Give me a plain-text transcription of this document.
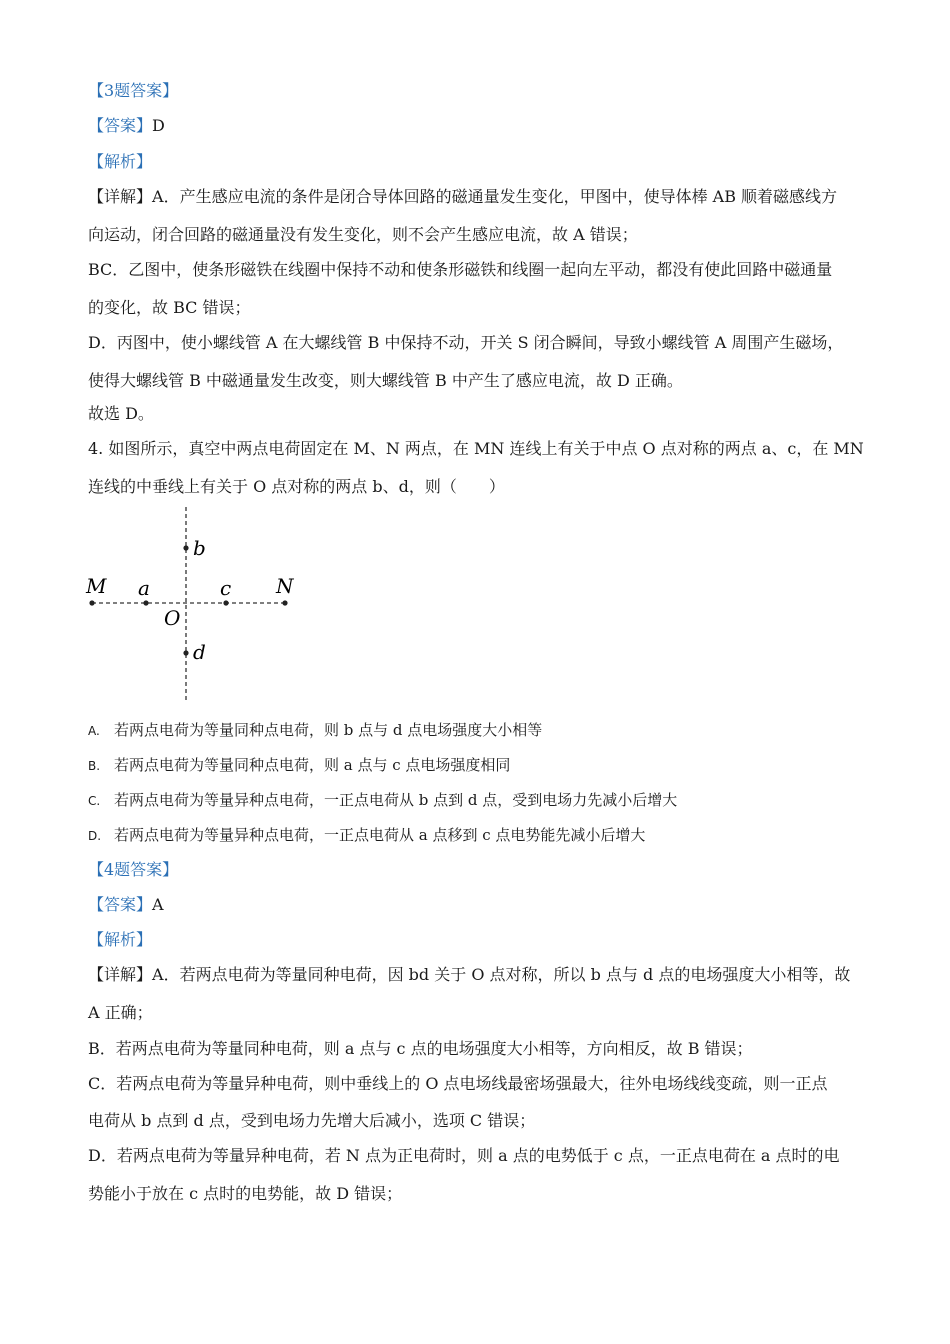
【3题答案】
【答案】D
【解析】
【详解】A．产生感应电流的条件是闭合导体回路的磁通量发生变化，甲图中，使导体棒 AB 顺着磁感线方
向运动，闭合回路的磁通量没有发生变化，则不会产生感应电流，故 A 错误；
BC．乙图中，使条形磁铁在线圈中保持不动和使条形磁铁和线圈一起向左平动，都没有使此回路中磁通量
的变化，故 BC 错误；
D．丙图中，使小螺线管 A 在大螺线管 B 中保持不动，开关 S 闭合瞬间，导致小螺线管 A 周围产生磁场，
使得大螺线管 B 中磁通量发生改变，则大螺线管 B 中产生了感应电流，故 D 正确。
故选 D。
4. 如图所示，真空中两点电荷固定在 M、N 两点，在 MN 连线上有关于中点 O 点对称的两点 a、c，在 MN
连线的中垂线上有关于 O 点对称的两点 b、d，则（　　）
M a	c N
O
b
d
A. 若两点电荷为等量同种点电荷，则 b 点与 d 点电场强度大小相等
B. 若两点电荷为等量同种点电荷，则 a 点与 c 点电场强度相同
C. 若两点电荷为等量异种点电荷，一正点电荷从 b 点到 d 点，受到电场力先减小后增大
D. 若两点电荷为等量异种点电荷，一正点电荷从 a 点移到 c 点电势能先减小后增大
【4题答案】
【答案】A
【解析】
【详解】A．若两点电荷为等量同种电荷，因 bd 关于 O 点对称，所以 b 点与 d 点的电场强度大小相等，故
A 正确；
B．若两点电荷为等量同种电荷，则 a 点与 c 点的电场强度大小相等，方向相反，故 B 错误；
C．若两点电荷为等量异种电荷，则中垂线上的 O 点电场线最密场强最大，往外电场线线变疏，则一正点
电荷从 b 点到 d 点，受到电场力先增大后减小，选项 C 错误；
D．若两点电荷为等量异种电荷，若 N 点为正电荷时，则 a 点的电势低于 c 点，一正点电荷在 a 点时的电
势能小于放在 c 点时的电势能，故 D 错误；
